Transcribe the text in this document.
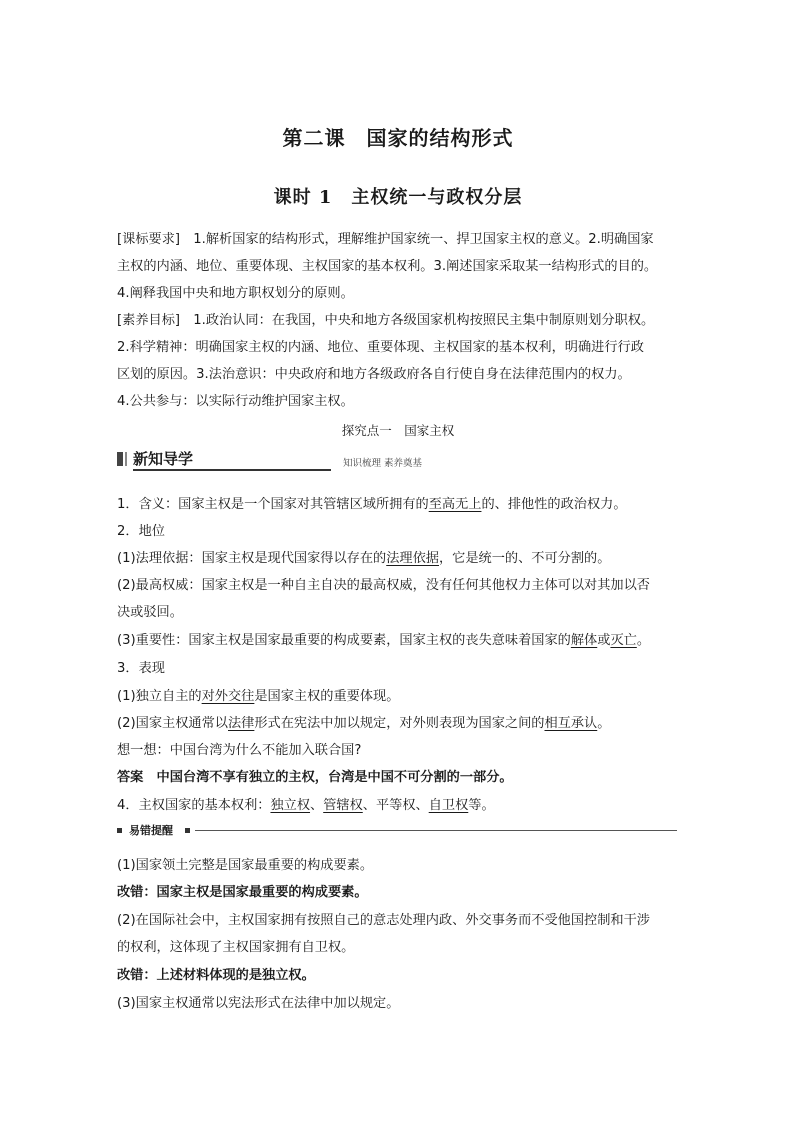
第二课　国家的结构形式
课时 1　主权统一与政权分层
[课标要求]　1.解析国家的结构形式，理解维护国家统一、捍卫国家主权的意义。2.明确国家
主权的内涵、地位、重要体现、主权国家的基本权利。3.阐述国家采取某一结构形式的目的。
4.阐释我国中央和地方职权划分的原则。
[素养目标]　1.政治认同：在我国，中央和地方各级国家机构按照民主集中制原则划分职权。
2.科学精神：明确国家主权的内涵、地位、重要体现、主权国家的基本权利，明确进行行政
区划的原因。3.法治意识：中央政府和地方各级政府各自行使自身在法律范围内的权力。
4.公共参与：以实际行动维护国家主权。
探究点一　国家主权
新知导学	知识梳理 素养奠基
1．含义：国家主权是一个国家对其管辖区域所拥有的至高无上的、排他性的政治权力。
2．地位
(1)法理依据：国家主权是现代国家得以存在的法理依据，它是统一的、不可分割的。
(2)最高权威：国家主权是一种自主自决的最高权威，没有任何其他权力主体可以对其加以否
决或驳回。
(3)重要性：国家主权是国家最重要的构成要素，国家主权的丧失意味着国家的解体或灭亡。
3．表现
(1)独立自主的对外交往是国家主权的重要体现。
(2)国家主权通常以法律形式在宪法中加以规定，对外则表现为国家之间的相互承认。
想一想：中国台湾为什么不能加入联合国?
答案　中国台湾不享有独立的主权，台湾是中国不可分割的一部分。
4．主权国家的基本权利：独立权、管辖权、平等权、自卫权等。
易错提醒
(1)国家领土完整是国家最重要的构成要素。
改错：国家主权是国家最重要的构成要素。
(2)在国际社会中，主权国家拥有按照自己的意志处理内政、外交事务而不受他国控制和干涉
的权利，这体现了主权国家拥有自卫权。
改错：上述材料体现的是独立权。
(3)国家主权通常以宪法形式在法律中加以规定。
